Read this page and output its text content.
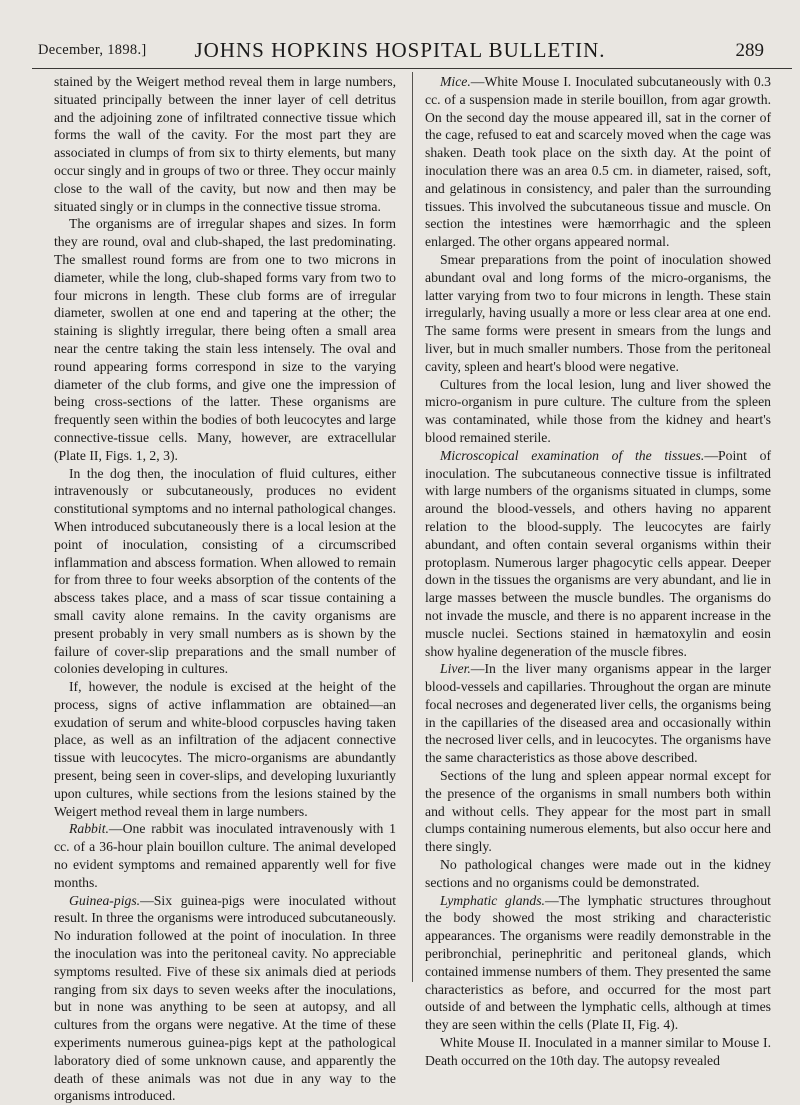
December, 1898.]	JOHNS HOPKINS HOSPITAL BULLETIN.	289

stained by the Weigert method reveal them in large numbers, situated principally between the inner layer of cell detritus and the adjoining zone of infiltrated connective tissue which forms the wall of the cavity. For the most part they are associated in clumps of from six to thirty elements, but many occur singly and in groups of two or three. They occur mainly close to the wall of the cavity, but now and then may be situated singly or in clumps in the connective tissue stroma.

The organisms are of irregular shapes and sizes. In form they are round, oval and club-shaped, the last predominating. The smallest round forms are from one to two microns in diameter, while the long, club-shaped forms vary from two to four microns in length. These club forms are of irregular diameter, swollen at one end and tapering at the other; the staining is slightly irregular, there being often a small area near the centre taking the stain less intensely. The oval and round appearing forms correspond in size to the varying diameter of the club forms, and give one the impression of being cross-sections of the latter. These organisms are frequently seen within the bodies of both leucocytes and large connective-tissue cells. Many, however, are extracellular (Plate II, Figs. 1, 2, 3).

In the dog then, the inoculation of fluid cultures, either intravenously or subcutaneously, produces no evident constitutional symptoms and no internal pathological changes. When introduced subcutaneously there is a local lesion at the point of inoculation, consisting of a circumscribed inflammation and abscess formation. When allowed to remain for from three to four weeks absorption of the contents of the abscess takes place, and a mass of scar tissue containing a small cavity alone remains. In the cavity organisms are present probably in very small numbers as is shown by the failure of cover-slip preparations and the small number of colonies developing in cultures.

If, however, the nodule is excised at the height of the process, signs of active inflammation are obtained—an exudation of serum and white-blood corpuscles having taken place, as well as an infiltration of the adjacent connective tissue with leucocytes. The micro-organisms are abundantly present, being seen in cover-slips, and developing luxuriantly upon cultures, while sections from the lesions stained by the Weigert method reveal them in large numbers.

Rabbit.—One rabbit was inoculated intravenously with 1 cc. of a 36-hour plain bouillon culture. The animal developed no evident symptoms and remained apparently well for five months.

Guinea-pigs.—Six guinea-pigs were inoculated without result. In three the organisms were introduced subcutaneously. No induration followed at the point of inoculation. In three the inoculation was into the peritoneal cavity. No appreciable symptoms resulted. Five of these six animals died at periods ranging from six days to seven weeks after the inoculations, but in none was anything to be seen at autopsy, and all cultures from the organs were negative. At the time of these experiments numerous guinea-pigs kept at the pathological laboratory died of some unknown cause, and apparently the death of these animals was not due in any way to the organisms introduced.

Mice.—White Mouse I. Inoculated subcutaneously with 0.3 cc. of a suspension made in sterile bouillon, from agar growth. On the second day the mouse appeared ill, sat in the corner of the cage, refused to eat and scarcely moved when the cage was shaken. Death took place on the sixth day. At the point of inoculation there was an area 0.5 cm. in diameter, raised, soft, and gelatinous in consistency, and paler than the surrounding tissues. This involved the subcutaneous tissue and muscle. On section the intestines were hæmorrhagic and the spleen enlarged. The other organs appeared normal.

Smear preparations from the point of inoculation showed abundant oval and long forms of the micro-organisms, the latter varying from two to four microns in length. These stain irregularly, having usually a more or less clear area at one end. The same forms were present in smears from the lungs and liver, but in much smaller numbers. Those from the peritoneal cavity, spleen and heart's blood were negative.

Cultures from the local lesion, lung and liver showed the micro-organism in pure culture. The culture from the spleen was contaminated, while those from the kidney and heart's blood remained sterile.

Microscopical examination of the tissues.—Point of inoculation. The subcutaneous connective tissue is infiltrated with large numbers of the organisms situated in clumps, some around the blood-vessels, and others having no apparent relation to the blood-supply. The leucocytes are fairly abundant, and often contain several organisms within their protoplasm. Numerous larger phagocytic cells appear. Deeper down in the tissues the organisms are very abundant, and lie in large masses between the muscle bundles. The organisms do not invade the muscle, and there is no apparent increase in the muscle nuclei. Sections stained in hæmatoxylin and eosin show hyaline degeneration of the muscle fibres.

Liver.—In the liver many organisms appear in the larger blood-vessels and capillaries. Throughout the organ are minute focal necroses and degenerated liver cells, the organisms being in the capillaries of the diseased area and occasionally within the necrosed liver cells, and in leucocytes. The organisms have the same characteristics as those above described.

Sections of the lung and spleen appear normal except for the presence of the organisms in small numbers both within and without cells. They appear for the most part in small clumps containing numerous elements, but also occur here and there singly.

No pathological changes were made out in the kidney sections and no organisms could be demonstrated.

Lymphatic glands.—The lymphatic structures throughout the body showed the most striking and characteristic appearances. The organisms were readily demonstrable in the peribronchial, perinephritic and peritoneal glands, which contained immense numbers of them. They presented the same characteristics as before, and occurred for the most part outside of and between the lymphatic cells, although at times they are seen within the cells (Plate II, Fig. 4).

White Mouse II. Inoculated in a manner similar to Mouse I. Death occurred on the 10th day. The autopsy revealed
